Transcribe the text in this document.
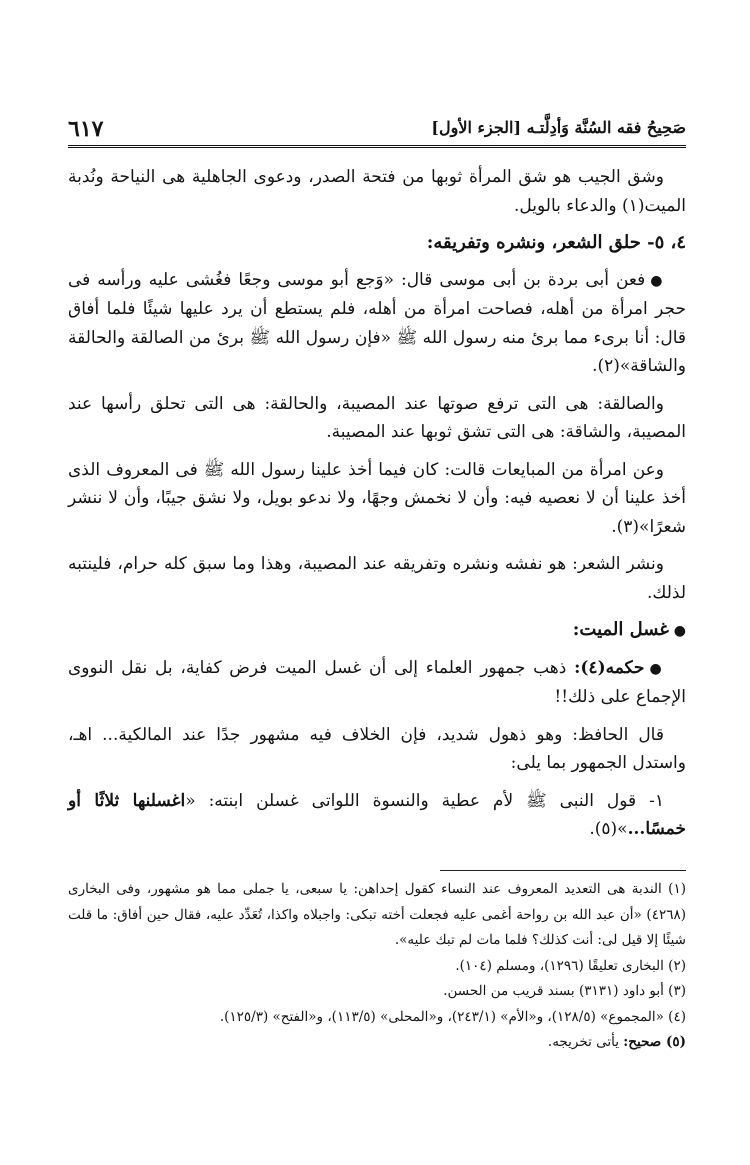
صَحِيحُ فقه السُنَّة وَأدِلَّتـه [الجزء الأول]
٦١٧

وشق الجيب هو شق المرأة ثوبها من فتحة الصدر، ودعوى الجاهلية هى النياحة ونُدبة الميت(١) والدعاء بالويل.

٤، ٥- حلق الشعر، ونشره وتفريقه:

●فعن أبى بردة بن أبى موسى قال: «وَجع أبو موسى وجعًا فغُشى عليه ورأسه فى حجر امرأة من أهله، فصاحت امرأة من أهله، فلم يستطع أن يرد عليها شيئًا فلما أفاق قال: أنا برىء مما برئ منه رسول الله ﷺ «فإن رسول الله ﷺ برئ من الصالقة والحالقة والشاقة»(٢).

والصالقة: هى التى ترفع صوتها عند المصيبة، والحالقة: هى التى تحلق رأسها عند المصيبة، والشاقة: هى التى تشق ثوبها عند المصيبة.

وعن امرأة من المبايعات قالت: كان فيما أخذ علينا رسول الله ﷺ فى المعروف الذى أخذ علينا أن لا نعصيه فيه: وأن لا نخمش وجهًا، ولا ندعو بويل، ولا نشق جيبًا، وأن لا ننشر شعرًا»(٣).

ونشر الشعر: هو نفشه ونشره وتفريقه عند المصيبة، وهذا وما سبق كله حرام، فلينتبه لذلك.

●غسل الميت:

●حكمه(٤): ذهب جمهور العلماء إلى أن غسل الميت فرض كفاية، بل نقل النووى الإجماع على ذلك!!

قال الحافظ: وهو ذهول شديد، فإن الخلاف فيه مشهور جدًا عند المالكية... اهـ، واستدل الجمهور بما يلى:

١- قول النبى ﷺ لأم عطية والنسوة اللواتى غسلن ابنته: «اغسلنها ثلاثًا أو خمسًا...»(٥).

(١) الندبة هى التعديد المعروف عند النساء كقول إحداهن: يا سبعى، يا جملى مما هو مشهور، وفى البخارى (٤٢٦٨) «أن عبد الله بن رواحة أغمى عليه فجعلت أخته تبكى: واجبلاه واكذا، تُعَدِّد عليه، فقال حين أفاق: ما قلت شيئًا إلا قيل لى: أنت كذلك؟ فلما مات لم تبك عليه».

(٢) البخارى تعليقًا (١٢٩٦)، ومسلم (١٠٤).

(٣) أبو داود (٣١٣١) بسند قريب من الحسن.

(٤) «المجموع» (١٢٨/٥)، و«الأم» (٢٤٣/١)، و«المحلى» (١١٣/٥)، و«الفتح» (١٢٥/٣).

(٥) صحيح: يأتى تخريجه.
